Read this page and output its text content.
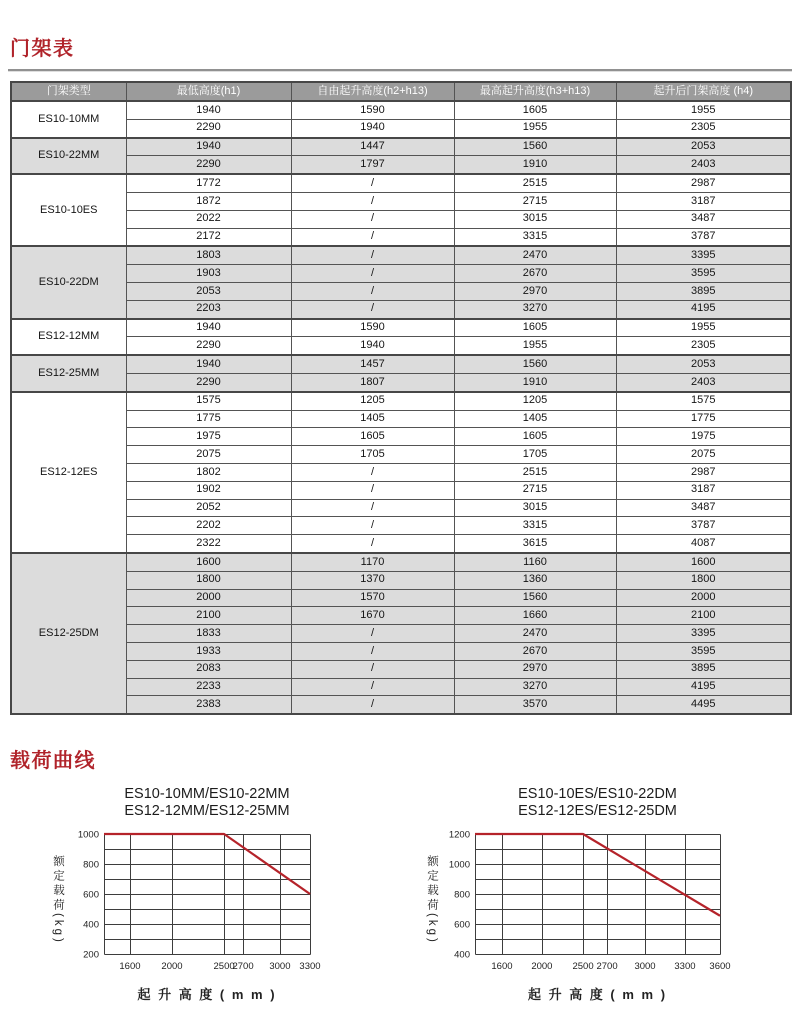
门架表
门架类型	最低高度(h1)	自由起升高度(h2+h13)	最高起升高度(h3+h13)	起升后门架高度 (h4)
ES10-10MM	1940	1590	1605	1955
	2290	1940	1955	2305
ES10-22MM	1940	1447	1560	2053
	2290	1797	1910	2403
ES10-10ES	1772	/	2515	2987
	1872	/	2715	3187
	2022	/	3015	3487
	2172	/	3315	3787
ES10-22DM	1803	/	2470	3395
	1903	/	2670	3595
	2053	/	2970	3895
	2203	/	3270	4195
ES12-12MM	1940	1590	1605	1955
	2290	1940	1955	2305
ES12-25MM	1940	1457	1560	2053
	2290	1807	1910	2403
ES12-12ES	1575	1205	1205	1575
	1775	1405	1405	1775
	1975	1605	1605	1975
	2075	1705	1705	2075
	1802	/	2515	2987
	1902	/	2715	3187
	2052	/	3015	3487
	2202	/	3315	3787
	2322	/	3615	4087
ES12-25DM	1600	1170	1160	1600
	1800	1370	1360	1800
	2000	1570	1560	2000
	2100	1670	1660	2100
	1833	/	2470	3395
	1933	/	2670	3595
	2083	/	2970	3895
	2233	/	3270	4195
	2383	/	3570	4495
载荷曲线
ES10-10MM/ES10-22MM
ES12-12MM/ES12-25MM
额定载荷(kg)
1000
800
600
400
200
1600 2000	2500
2700 3000 3300
起 升 高 度 ( m m )
ES10-10ES/ES10-22DM
ES12-12ES/ES12-25DM
额定载荷(kg)
1200
1000
800
600
400
1600 2000 2500 2700 3000 3300 3600
起 升 高 度 ( m m )
